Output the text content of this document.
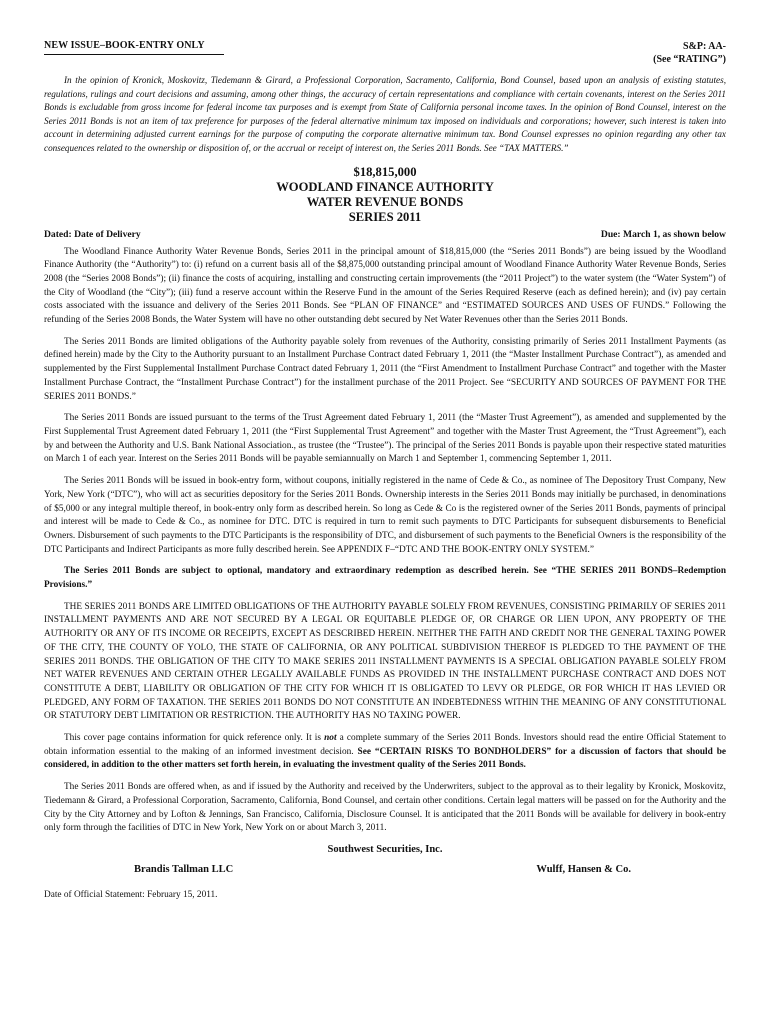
NEW ISSUE–BOOK-ENTRY ONLY	S&P: AA-
(See “RATING”)

In the opinion of Kronick, Moskovitz, Tiedemann & Girard, a Professional Corporation, Sacramento, California, Bond Counsel, based upon an analysis of existing statutes, regulations, rulings and court decisions and assuming, among other things, the accuracy of certain representations and compliance with certain covenants, interest on the Series 2011 Bonds is excludable from gross income for federal income tax purposes and is exempt from State of California personal income taxes. In the opinion of Bond Counsel, interest on the Series 2011 Bonds is not an item of tax preference for purposes of the federal alternative minimum tax imposed on individuals and corporations; however, such interest is taken into account in determining adjusted current earnings for the purpose of computing the corporate alternative minimum tax. Bond Counsel expresses no opinion regarding any other tax consequences related to the ownership or disposition of, or the accrual or receipt of interest on, the Series 2011 Bonds. See “TAX MATTERS.”

$18,815,000
WOODLAND FINANCE AUTHORITY
WATER REVENUE BONDS
SERIES 2011
Dated: Date of Delivery	Due: March 1, as shown below

The Woodland Finance Authority Water Revenue Bonds, Series 2011 in the principal amount of $18,815,000 (the “Series 2011 Bonds”) are being issued by the Woodland Finance Authority (the “Authority”) to: (i) refund on a current basis all of the $8,875,000 outstanding principal amount of Woodland Finance Authority Water Revenue Bonds, Series 2008 (the “Series 2008 Bonds”); (ii) finance the costs of acquiring, installing and constructing certain improvements (the “2011 Project”) to the water system (the “Water System”) of the City of Woodland (the “City”); (iii) fund a reserve account within the Reserve Fund in the amount of the Series Required Reserve (each as defined herein); and (iv) pay certain costs associated with the issuance and delivery of the Series 2011 Bonds. See “PLAN OF FINANCE” and “ESTIMATED SOURCES AND USES OF FUNDS.” Following the refunding of the Series 2008 Bonds, the Water System will have no other outstanding debt secured by Net Water Revenues other than the Series 2011 Bonds.

The Series 2011 Bonds are limited obligations of the Authority payable solely from revenues of the Authority, consisting primarily of Series 2011 Installment Payments (as defined herein) made by the City to the Authority pursuant to an Installment Purchase Contract dated February 1, 2011 (the “Master Installment Purchase Contract”), as amended and supplemented by the First Supplemental Installment Purchase Contract dated February 1, 2011 (the “First Amendment to Installment Purchase Contract” and together with the Master Installment Purchase Contract, the “Installment Purchase Contract”) for the installment purchase of the 2011 Project. See “SECURITY AND SOURCES OF PAYMENT FOR THE SERIES 2011 BONDS.”

The Series 2011 Bonds are issued pursuant to the terms of the Trust Agreement dated February 1, 2011 (the “Master Trust Agreement”), as amended and supplemented by the First Supplemental Trust Agreement dated February 1, 2011 (the “First Supplemental Trust Agreement” and together with the Master Trust Agreement, the “Trust Agreement”), each by and between the Authority and U.S. Bank National Association., as trustee (the “Trustee”). The principal of the Series 2011 Bonds is payable upon their respective stated maturities on March 1 of each year. Interest on the Series 2011 Bonds will be payable semiannually on March 1 and September 1, commencing September 1, 2011.

The Series 2011 Bonds will be issued in book-entry form, without coupons, initially registered in the name of Cede & Co., as nominee of The Depository Trust Company, New York, New York (“DTC”), who will act as securities depository for the Series 2011 Bonds. Ownership interests in the Series 2011 Bonds may initially be purchased, in denominations of $5,000 or any integral multiple thereof, in book-entry only form as described herein. So long as Cede & Co is the registered owner of the Series 2011 Bonds, payments of principal and interest will be made to Cede & Co., as nominee for DTC. DTC is required in turn to remit such payments to DTC Participants for subsequent disbursements to Beneficial Owners. Disbursement of such payments to the DTC Participants is the responsibility of DTC, and disbursement of such payments to the Beneficial Owners is the responsibility of the DTC Participants and Indirect Participants as more fully described herein. See APPENDIX F–“DTC AND THE BOOK-ENTRY ONLY SYSTEM.”

The Series 2011 Bonds are subject to optional, mandatory and extraordinary redemption as described herein. See “THE SERIES 2011 BONDS–Redemption Provisions.”

THE SERIES 2011 BONDS ARE LIMITED OBLIGATIONS OF THE AUTHORITY PAYABLE SOLELY FROM REVENUES, CONSISTING PRIMARILY OF SERIES 2011 INSTALLMENT PAYMENTS AND ARE NOT SECURED BY A LEGAL OR EQUITABLE PLEDGE OF, OR CHARGE OR LIEN UPON, ANY PROPERTY OF THE AUTHORITY OR ANY OF ITS INCOME OR RECEIPTS, EXCEPT AS DESCRIBED HEREIN. NEITHER THE FAITH AND CREDIT NOR THE GENERAL TAXING POWER OF THE CITY, THE COUNTY OF YOLO, THE STATE OF CALIFORNIA, OR ANY POLITICAL SUBDIVISION THEREOF IS PLEDGED TO THE PAYMENT OF THE SERIES 2011 BONDS. THE OBLIGATION OF THE CITY TO MAKE SERIES 2011 INSTALLMENT PAYMENTS IS A SPECIAL OBLIGATION PAYABLE SOLELY FROM NET WATER REVENUES AND CERTAIN OTHER LEGALLY AVAILABLE FUNDS AS PROVIDED IN THE INSTALLMENT PURCHASE CONTRACT AND DOES NOT CONSTITUTE A DEBT, LIABILITY OR OBLIGATION OF THE CITY FOR WHICH IT IS OBLIGATED TO LEVY OR PLEDGE, OR FOR WHICH IT HAS LEVIED OR PLEDGED, ANY FORM OF TAXATION. THE SERIES 2011 BONDS DO NOT CONSTITUTE AN INDEBTEDNESS WITHIN THE MEANING OF ANY CONSTITUTIONAL OR STATUTORY DEBT LIMITATION OR RESTRICTION. THE AUTHORITY HAS NO TAXING POWER.

This cover page contains information for quick reference only. It is not a complete summary of the Series 2011 Bonds. Investors should read the entire Official Statement to obtain information essential to the making of an informed investment decision. See “CERTAIN RISKS TO BONDHOLDERS” for a discussion of factors that should be considered, in addition to the other matters set forth herein, in evaluating the investment quality of the Series 2011 Bonds.

The Series 2011 Bonds are offered when, as and if issued by the Authority and received by the Underwriters, subject to the approval as to their legality by Kronick, Moskovitz, Tiedemann & Girard, a Professional Corporation, Sacramento, California, Bond Counsel, and certain other conditions. Certain legal matters will be passed on for the Authority and the City by the City Attorney and by Lofton & Jennings, San Francisco, California, Disclosure Counsel. It is anticipated that the 2011 Bonds will be available for delivery in book-entry only form through the facilities of DTC in New York, New York on or about March 3, 2011.

Southwest Securities, Inc.
Brandis Tallman LLC	Wulff, Hansen & Co.
Date of Official Statement: February 15, 2011.
